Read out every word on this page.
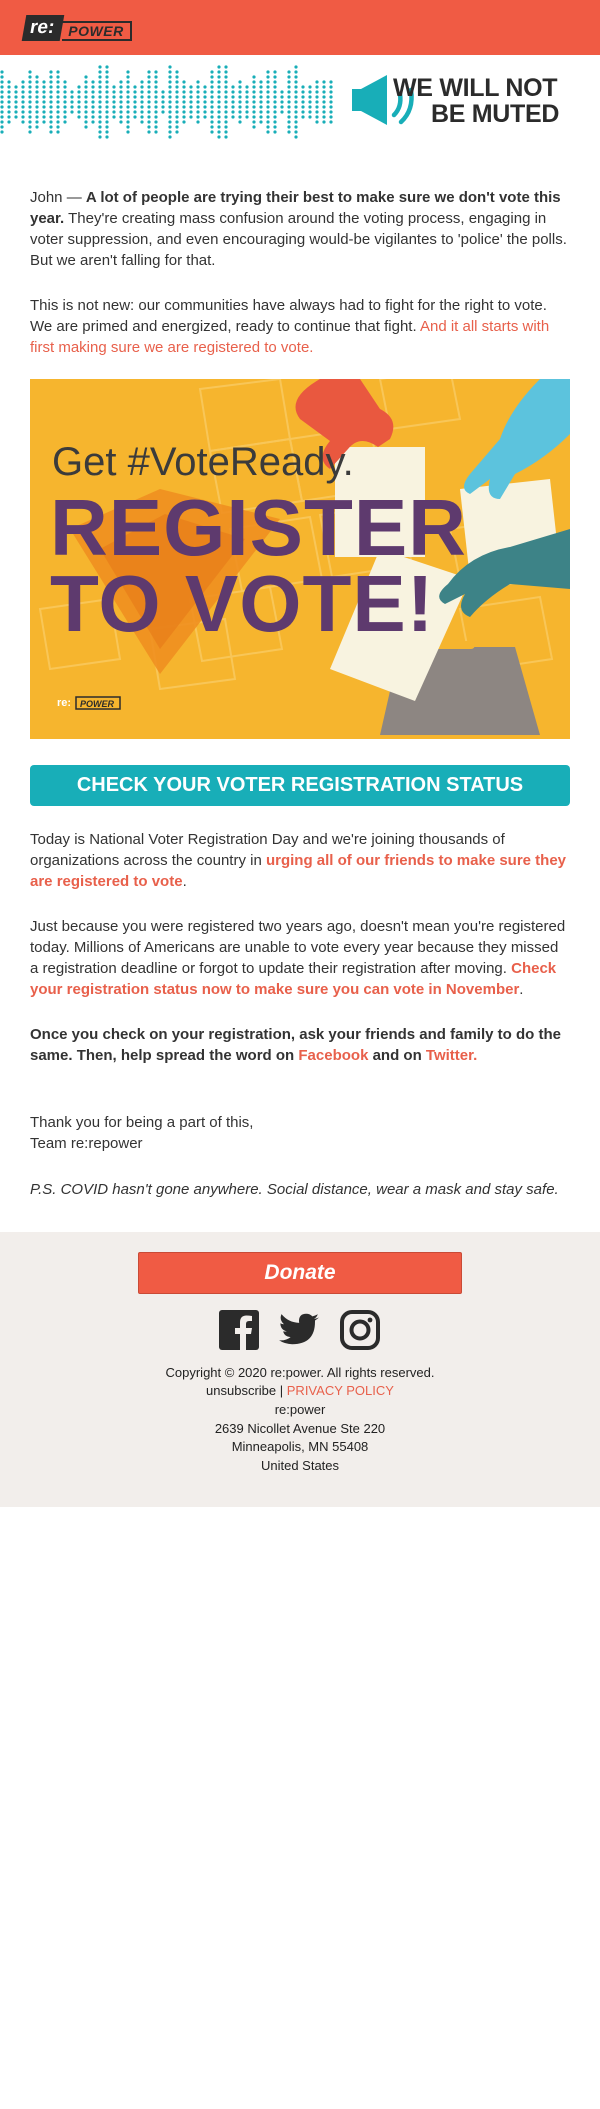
re: POWER
WE WILL NOT
BE MUTED

John — A lot of people are trying their best to make sure we don't vote this year. They're creating mass confusion around the voting process, engaging in voter suppression, and even encouraging would-be vigilantes to 'police' the polls. But we aren't falling for that.

This is not new: our communities have always had to fight for the right to vote. We are primed and energized, ready to continue that fight. And it all starts with first making sure we are registered to vote.

Get #VoteReady.
REGISTER
TO VOTE!
re: POWER
CHECK YOUR VOTER REGISTRATION STATUS

Today is National Voter Registration Day and we're joining thousands of organizations across the country in urging all of our friends to make sure they are registered to vote.

Just because you were registered two years ago, doesn't mean you're registered today. Millions of Americans are unable to vote every year because they missed a registration deadline or forgot to update their registration after moving. Check your registration status now to make sure you can vote in November.

Once you check on your registration, ask your friends and family to do the same. Then, help spread the word on Facebook and on Twitter.

Thank you for being a part of this,
Team re:repower

P.S. COVID hasn't gone anywhere. Social distance, wear a mask and stay safe.

Donate
Copyright © 2020 re:power. All rights reserved.
unsubscribe | PRIVACY POLICY
re:power
2639 Nicollet Avenue Ste 220
Minneapolis, MN 55408
United States
